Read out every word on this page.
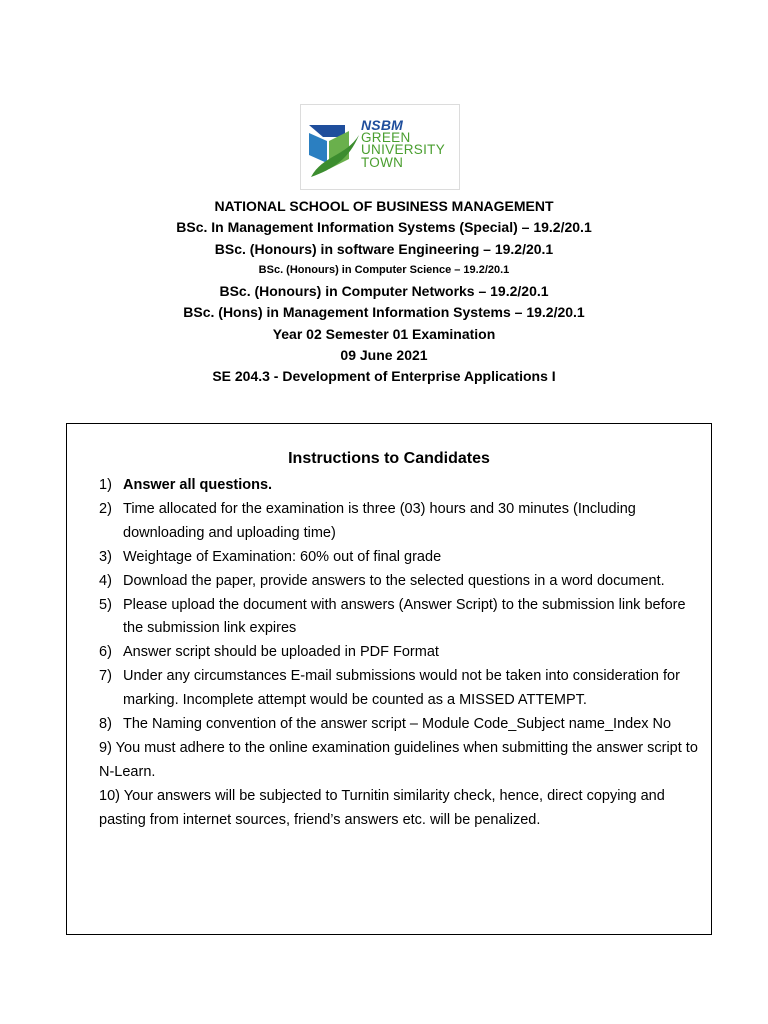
NSBM
GREEN
UNIVERSITY
TOWN
NATIONAL SCHOOL OF BUSINESS MANAGEMENT
BSc. In Management Information Systems (Special) – 19.2/20.1
BSc. (Honours) in software Engineering – 19.2/20.1
BSc. (Honours) in Computer Science – 19.2/20.1
BSc. (Honours) in Computer Networks – 19.2/20.1
BSc. (Hons) in Management Information Systems – 19.2/20.1
Year 02 Semester 01 Examination
09 June 2021
SE 204.3 - Development of Enterprise Applications I
Instructions to Candidates
1) Answer all questions.
2) Time allocated for the examination is three (03) hours and 30 minutes (Including downloading and uploading time)
3) Weightage of Examination: 60% out of final grade
4) Download the paper, provide answers to the selected questions in a word document.
5) Please upload the document with answers (Answer Script) to the submission link before the submission link expires
6) Answer script should be uploaded in PDF Format
7) Under any circumstances E-mail submissions would not be taken into consideration for marking. Incomplete attempt would be counted as a MISSED ATTEMPT.
8) The Naming convention of the answer script – Module Code_Subject name_Index No
9) You must adhere to the online examination guidelines when submitting the answer script to N-Learn.
10) Your answers will be subjected to Turnitin similarity check, hence, direct copying and pasting from internet sources, friend’s answers etc. will be penalized.
